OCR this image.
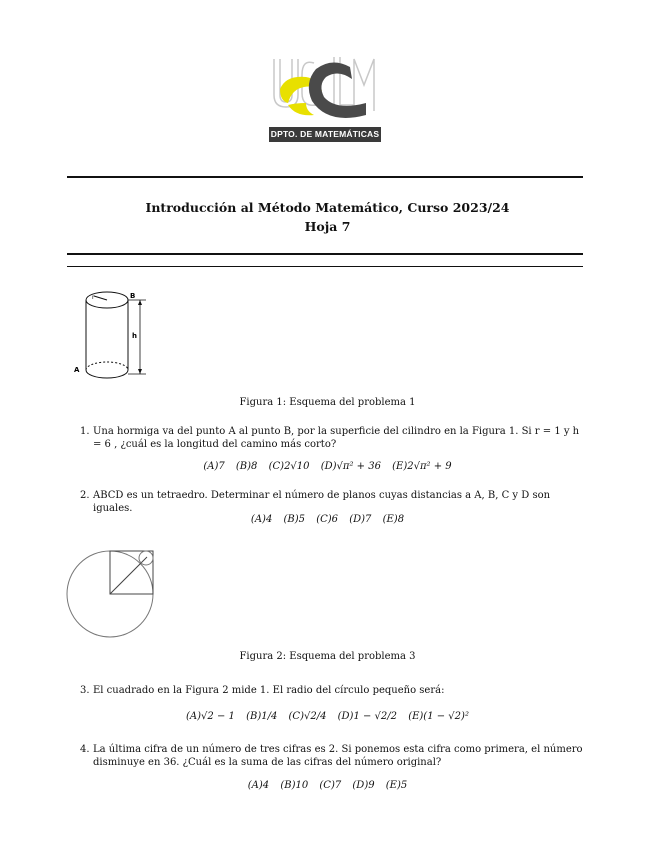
DPTO. DE MATEMÁTICAS
Introducción al Método Matemático, Curso 2023/24
Hoja 7
B
h
A
r
Figura 1: Esquema del problema 1
1. Una hormiga va del punto A al punto B, por la superficie del cilindro en la Figura 1. Si r = 1 y h = 6 , ¿cuál es la longitud del camino más corto?
(A)7 (B)8 (C)2√10 (D)√π² + 36 (E)2√π² + 9
2. ABCD es un tetraedro. Determinar el número de planos cuyas distancias a A, B, C y D son iguales.
(A)4 (B)5 (C)6 (D)7 (E)8
Figura 2: Esquema del problema 3
3. El cuadrado en la Figura 2 mide 1. El radio del círculo pequeño será:
(A)√2 − 1 (B)1/4 (C)√2/4 (D)1 − √2/2 (E)(1 − √2)²
4. La última cifra de un número de tres cifras es 2. Si ponemos esta cifra como primera, el número disminuye en 36. ¿Cuál es la suma de las cifras del número original?
(A)4 (B)10 (C)7 (D)9 (E)5
